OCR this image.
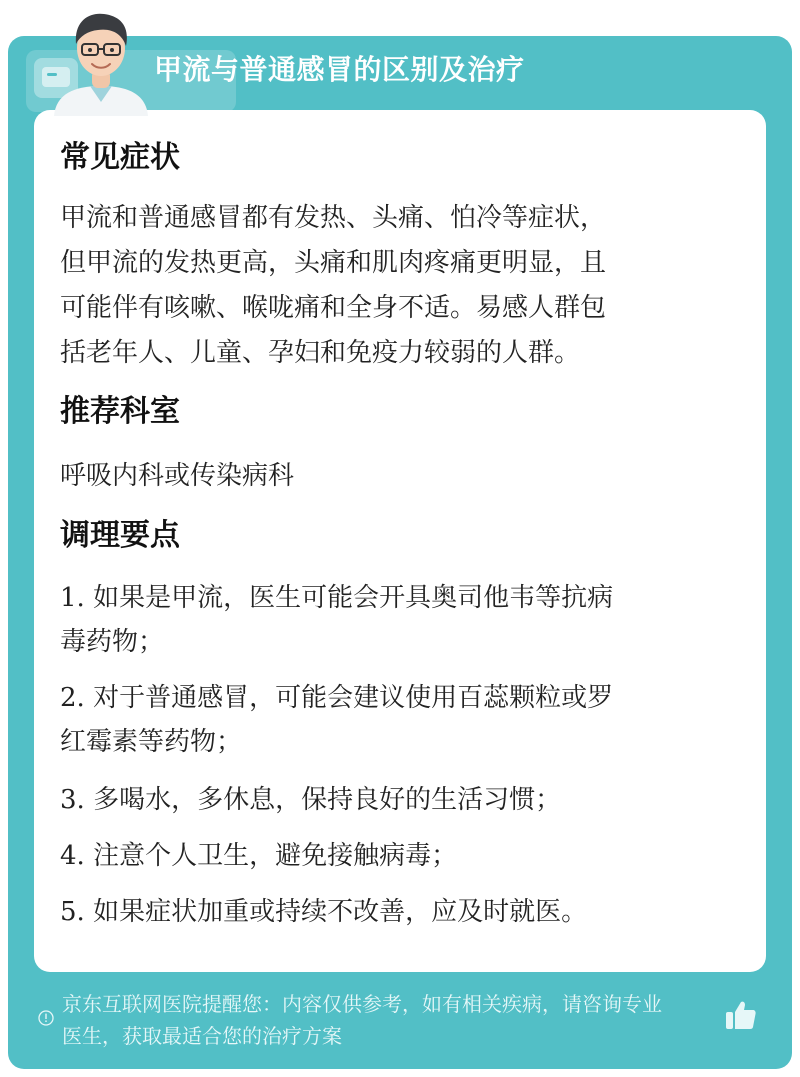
甲流与普通感冒的区别及治疗
常见症状
甲流和普通感冒都有发热、头痛、怕冷等症状，
但甲流的发热更高，头痛和肌肉疼痛更明显，且
可能伴有咳嗽、喉咙痛和全身不适。易感人群包
括老年人、儿童、孕妇和免疫力较弱的人群。
推荐科室
呼吸内科或传染病科
调理要点
1. 如果是甲流，医生可能会开具奥司他韦等抗病
毒药物；
2. 对于普通感冒，可能会建议使用百蕊颗粒或罗
红霉素等药物；
3. 多喝水，多休息，保持良好的生活习惯；
4. 注意个人卫生，避免接触病毒；
5. 如果症状加重或持续不改善，应及时就医。
京东互联网医院提醒您：内容仅供参考，如有相关疾病，请咨询专业
医生，获取最适合您的治疗方案
